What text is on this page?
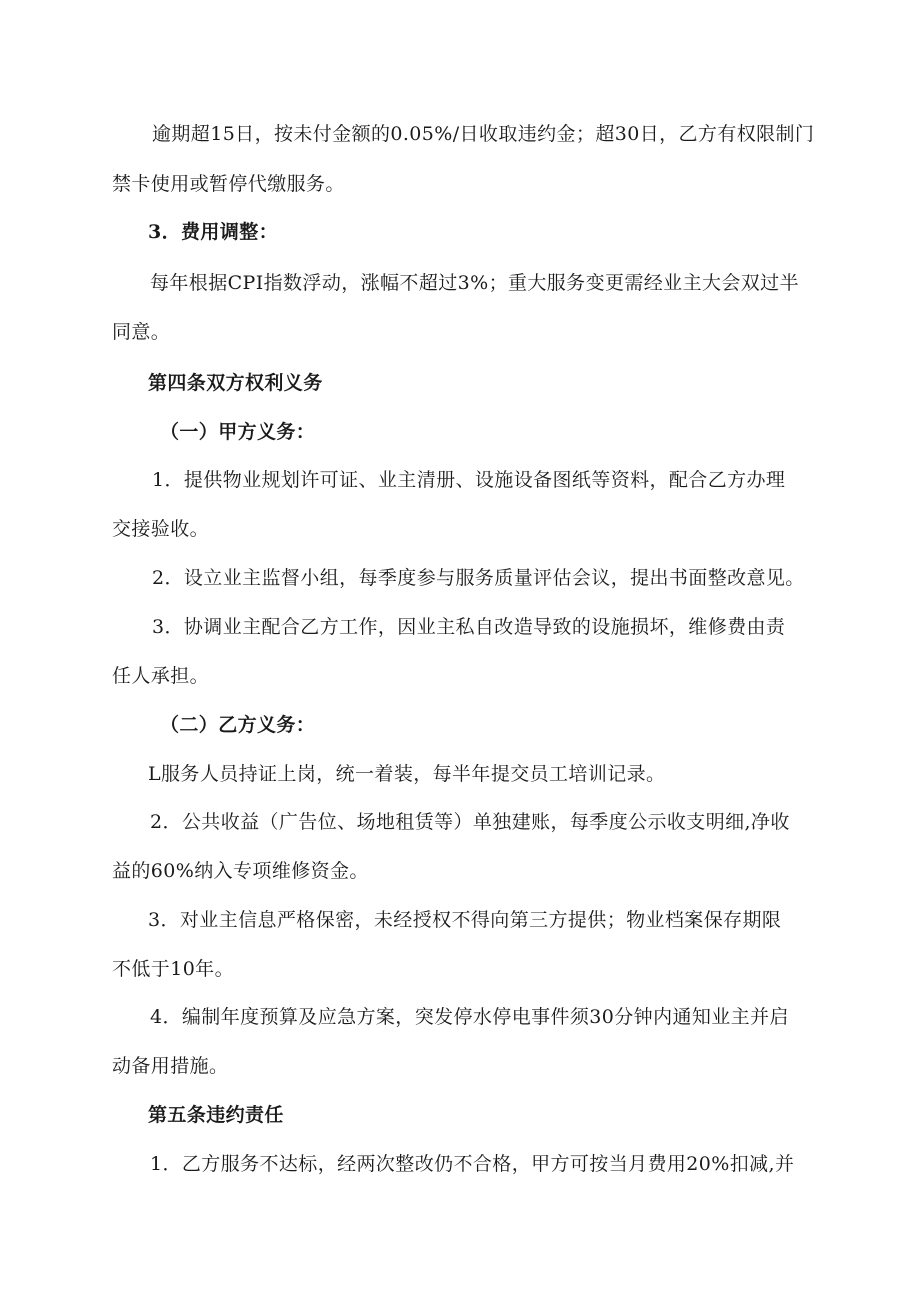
逾期超15日，按未付金额的0.05%/日收取违约金；超30日，乙方有权限制门
禁卡使用或暂停代缴服务。
3．费用调整：
每年根据CPI指数浮动，涨幅不超过3%；重大服务变更需经业主大会双过半
同意。
第四条双方权利义务
（一）甲方义务：
1．提供物业规划许可证、业主清册、设施设备图纸等资料，配合乙方办理
交接验收。
2．设立业主监督小组，每季度参与服务质量评估会议，提出书面整改意见。
3．协调业主配合乙方工作，因业主私自改造导致的设施损坏，维修费由责
任人承担。
（二）乙方义务：
L服务人员持证上岗，统一着装，每半年提交员工培训记录。
2．公共收益（广告位、场地租赁等）单独建账，每季度公示收支明细,净收
益的60%纳入专项维修资金。
3．对业主信息严格保密，未经授权不得向第三方提供；物业档案保存期限
不低于10年。
4．编制年度预算及应急方案，突发停水停电事件须30分钟内通知业主并启
动备用措施。
第五条违约责任
1．乙方服务不达标，经两次整改仍不合格，甲方可按当月费用20%扣减,并
